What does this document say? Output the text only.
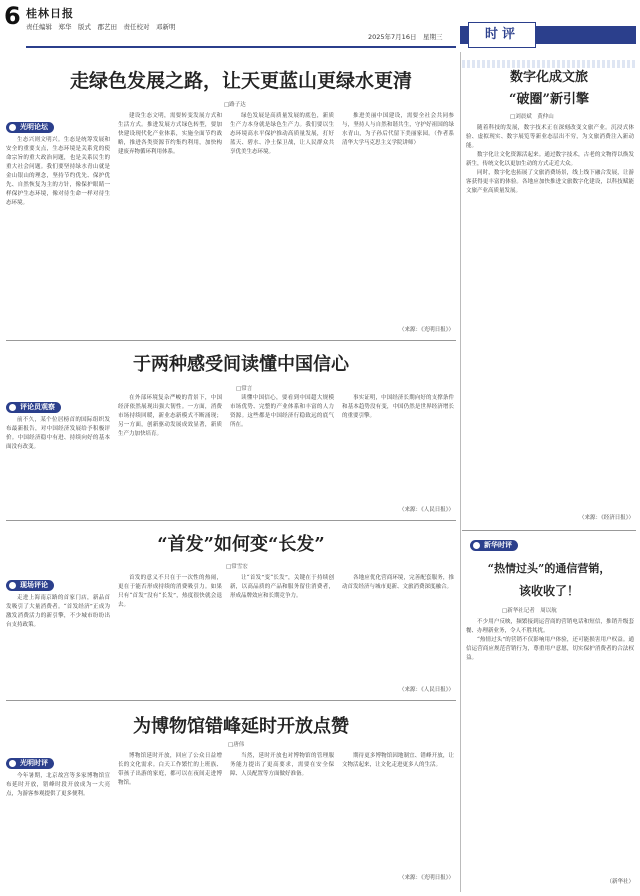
6 桂林日报
责任编辑　郑华　版式　郡艺田　责任校对　邓新明
2025年7月16日　星期三	时评
走绿色发展之路，让天更蓝山更绿水更清
□路子达
光明论坛

生态兴则文明兴。生态是统筹发展和安全的重要支点，生态环境是关系党的使命宗旨的重大政治问题，也是关系民生的重大社会问题。我们要坚持绿水青山就是金山银山的理念，坚持节约优先、保护优先、自然恢复为主的方针，像保护眼睛一样保护生态环境，像对待生命一样对待生态环境。

建设生态文明，需要转变发展方式和生活方式。推进发展方式绿色转型，要加快建设现代化产业体系，实施全面节约战略，推进各类资源节约集约利用，加快构建废弃物循环利用体系。

绿色发展是高质量发展的底色，新质生产力本身就是绿色生产力。我们要以生态环境高水平保护推动高质量发展，打好蓝天、碧水、净土保卫战，让人民群众共享优美生态环境。

推进美丽中国建设，需要全社会共同参与，坚持人与自然和谐共生，守护好祖国的绿水青山，为子孙后代留下美丽家园。（作者系清华大学马克思主义学院讲师）

（来源：《光明日报》）
于两种感受间读懂中国信心
□常言
评论员观察

前不久，某个位居榜首的国际组织发布最新报告，对中国经济发展给予积极评价。中国经济稳中有进、持续向好的基本面没有改变。

在外部环境复杂严峻的背景下，中国经济依然展现出强大韧性。一方面，消费市场持续回暖，新业态新模式不断涌现；另一方面，创新驱动发展成效显著，新质生产力加快培育。

读懂中国信心，要看到中国超大规模市场优势、完整的产业体系和丰富的人力资源。这些都是中国经济行稳致远的底气所在。

事实证明，中国经济长期向好的支撑条件和基本趋势没有变，中国仍然是世界经济增长的重要引擎。

（来源：《人民日报》）
“首发”如何变“长发”
□常雪宏
现场评论

走进上海南京路的首家门店，新品首发吸引了大量消费者。“首发经济”正成为激发消费活力的新引擎，不少城市纷纷出台支持政策。

首发的意义不只在于一次性的热闹，更在于能否形成持续的消费吸引力。如果只有“首发”没有“长发”，热度很快就会退去。

让“首发”变“长发”，关键在于持续创新，以高品质的产品和服务留住消费者，形成品牌效应和长期竞争力。

各地应优化营商环境，完善配套服务，推动首发经济与城市更新、文旅消费深度融合。

（来源：《人民日报》）
为博物馆错峰延时开放点赞
□唐伟
光明时评

今年暑期，北京故宫等多家博物馆宣布延时开放，错峰时段开放成为一大亮点，为游客参观提供了更多便利。

博物馆延时开放，回应了公众日益增长的文化需求。白天工作繁忙的上班族、带孩子出游的家庭，都可以在夜间走进博物馆。

当然，延时开放也对博物馆的管理服务能力提出了更高要求，需要在安全保障、人员配置等方面做好准备。

期待更多博物馆因地制宜、错峰开放，让文物活起来，让文化走进更多人的生活。

（来源：《光明日报》）
数字化成文旅
“破圈”新引擎
□刘晨斌　黄仲山

随着科技的发展，数字技术正在深刻改变文旅产业。沉浸式体验、虚拟现实、数字展览等新业态层出不穷，为文旅消费注入新动能。

数字化让文化资源活起来。通过数字技术，古老的文物得以焕发新生，传统文化以更加生动的方式走近大众。

同时，数字化也拓展了文旅消费场景，线上线下融合发展，让游客获得更丰富的体验。各地应加快推进文旅数字化建设，以科技赋能文旅产业高质量发展。

（来源：《经济日报》）
新华时评
“热情过头”的通信营销，
该收收了！
□新华社记者　周以航

不少用户反映，频繁接到运营商的营销电话和短信，推销升级套餐、办理新业务，令人不胜其扰。

“热情过头”的营销不仅影响用户体验，还可能损害用户权益。通信运营商应规范营销行为，尊重用户意愿，切实保护消费者的合法权益。

（新华社）
